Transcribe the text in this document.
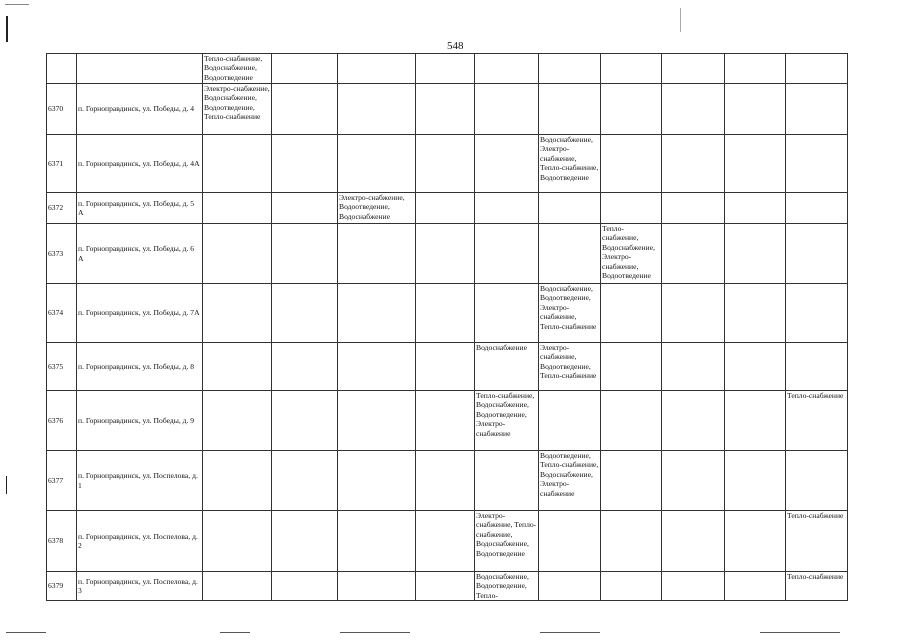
548
		Тепло-снабжение, Водоснабжение, Водоотведение									
6370	п. Горноправдинск, ул. Победы, д. 4	Электро-снабжение, Водоснабжение, Водоотведение, Тепло-снабжение									
6371	п. Горноправдинск, ул. Победы, д. 4А						Водоснабжение, Электро-снабжение, Тепло-снабжение, Водоотведение				
6372	п. Горноправдинск, ул. Победы, д. 5 А			Электро-снабжение, Водоотведение, Водоснабжение							
6373	п. Горноправдинск, ул. Победы, д. 6 А							Тепло-снабжение, Водоснабжение, Электро-снабжение, Водоотведение			
6374	п. Горноправдинск, ул. Победы, д. 7А						Водоснабжение, Водоотведение, Электро-снабжение, Тепло-снабжение				
6375	п. Горноправдинск, ул. Победы, д. 8					Водоснабжение	Электро-снабжение, Водоотведение, Тепло-снабжение				
6376	п. Горноправдинск, ул. Победы, д. 9					Тепло-снабжение, Водоснабжение, Водоотведение, Электро-снабжение					Тепло-снабжение
6377	п. Горноправдинск, ул. Поспелова, д. 1						Водоотведение, Тепло-снабжение, Водоснабжение, Электро-снабжение				
6378	п. Горноправдинск, ул. Поспелова, д. 2					Электро-снабжение, Тепло-снабжение, Водоснабжение, Водоотведение					Тепло-снабжение
6379	п. Горноправдинск, ул. Поспелова, д. 3					Водоснабжение, Водоотведение, Тепло-					Тепло-снабжение
